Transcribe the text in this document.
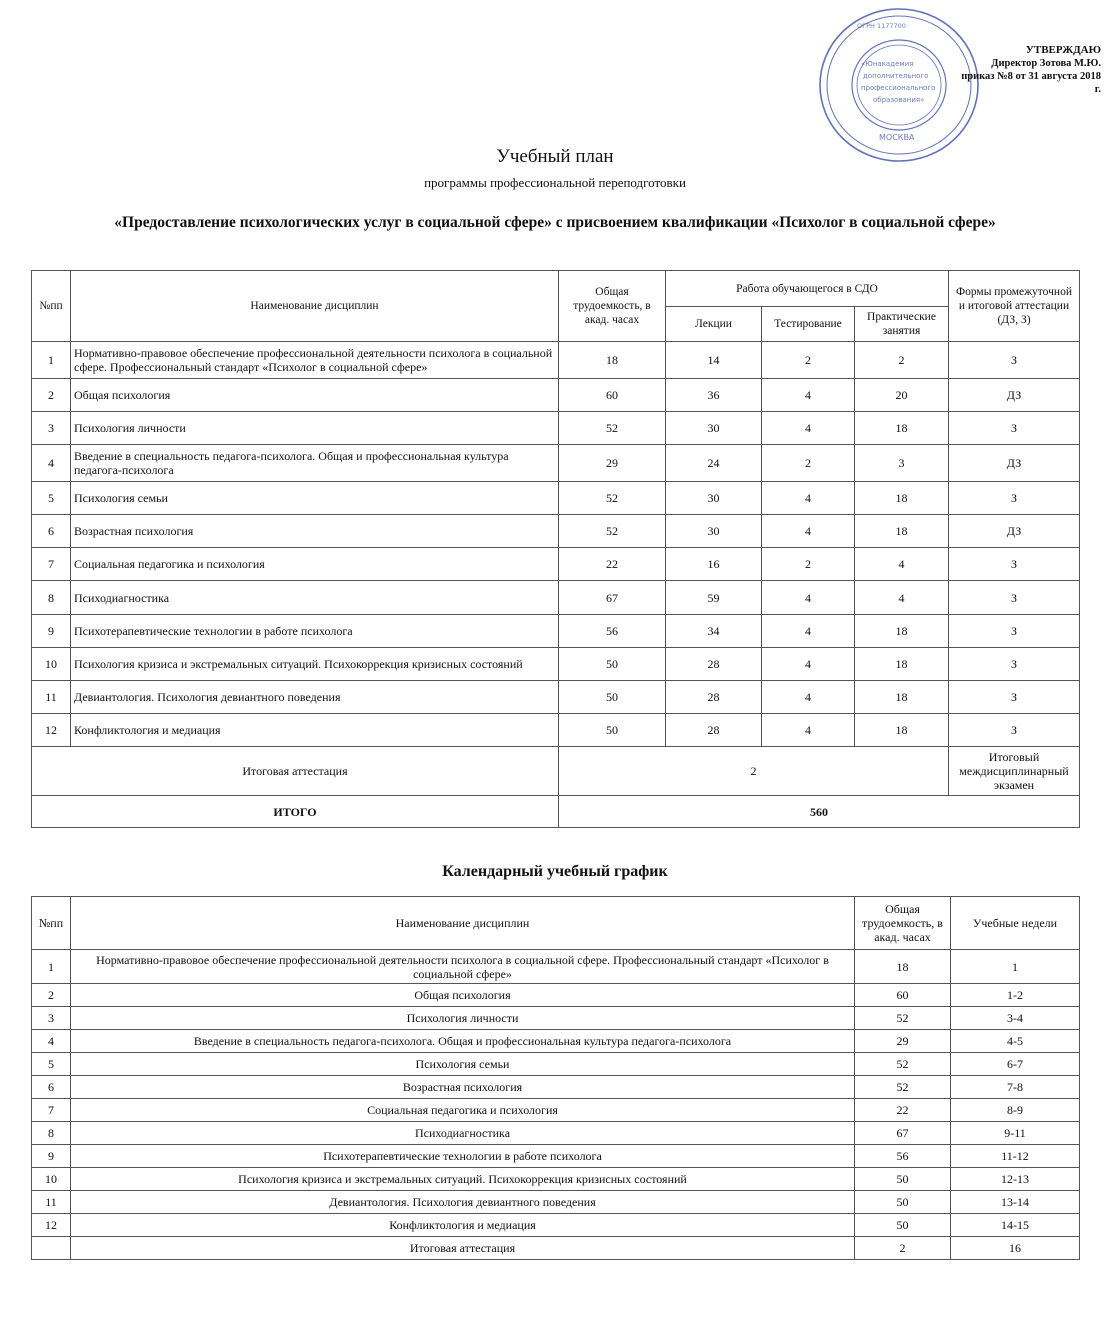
«Юнакадемия
дополнительного
профессионального
образования»
МОСКВА
ОГРН 1177700
УТВЕРЖДАЮ
Директор Зотова М.Ю.
приказ №8 от 31 августа 2018 г.
Учебный план
программы профессиональной переподготовки
«Предоставление психологических услуг в социальной сфере» с присвоением квалификации «Психолог в социальной сфере»
№пп	Наименование дисциплин	Общая трудоемкость, в акад. часах	Работа обучающегося в СДО			Формы промежуточной и итоговой аттестации (ДЗ, З)
			Лекции	Тестирование	Практические занятия	
1	Нормативно-правовое обеспечение профессиональной деятельности психолога в социальной сфере. Профессиональный стандарт «Психолог в социальной сфере»	18	14	2	2	З
2	Общая психология	60	36	4	20	ДЗ
3	Психология личности	52	30	4	18	З
4	Введение в специальность педагога-психолога. Общая и профессиональная культура педагога-психолога	29	24	2	3	ДЗ
5	Психология семьи	52	30	4	18	З
6	Возрастная психология	52	30	4	18	ДЗ
7	Социальная педагогика и психология	22	16	2	4	З
8	Психодиагностика	67	59	4	4	З
9	Психотерапевтические технологии в работе психолога	56	34	4	18	З
10	Психология кризиса и экстремальных ситуаций. Психокоррекция кризисных состояний	50	28	4	18	З
11	Девиантология. Психология девиантного поведения	50	28	4	18	З
12	Конфликтология и медиация	50	28	4	18	З
Итоговая аттестация		2				Итоговый междисциплинарный экзамен
ИТОГО		560				
Календарный учебный график
№пп	Наименование дисциплин	Общая трудоемкость, в акад. часах	Учебные недели
1	Нормативно-правовое обеспечение профессиональной деятельности психолога в социальной сфере. Профессиональный стандарт «Психолог в социальной сфере»	18	1
2	Общая психология	60	1-2
3	Психология личности	52	3-4
4	Введение в специальность педагога-психолога. Общая и профессиональная культура педагога-психолога	29	4-5
5	Психология семьи	52	6-7
6	Возрастная психология	52	7-8
7	Социальная педагогика и психология	22	8-9
8	Психодиагностика	67	9-11
9	Психотерапевтические технологии в работе психолога	56	11-12
10	Психология кризиса и экстремальных ситуаций. Психокоррекция кризисных состояний	50	12-13
11	Девиантология. Психология девиантного поведения	50	13-14
12	Конфликтология и медиация	50	14-15
	Итоговая аттестация	2	16
